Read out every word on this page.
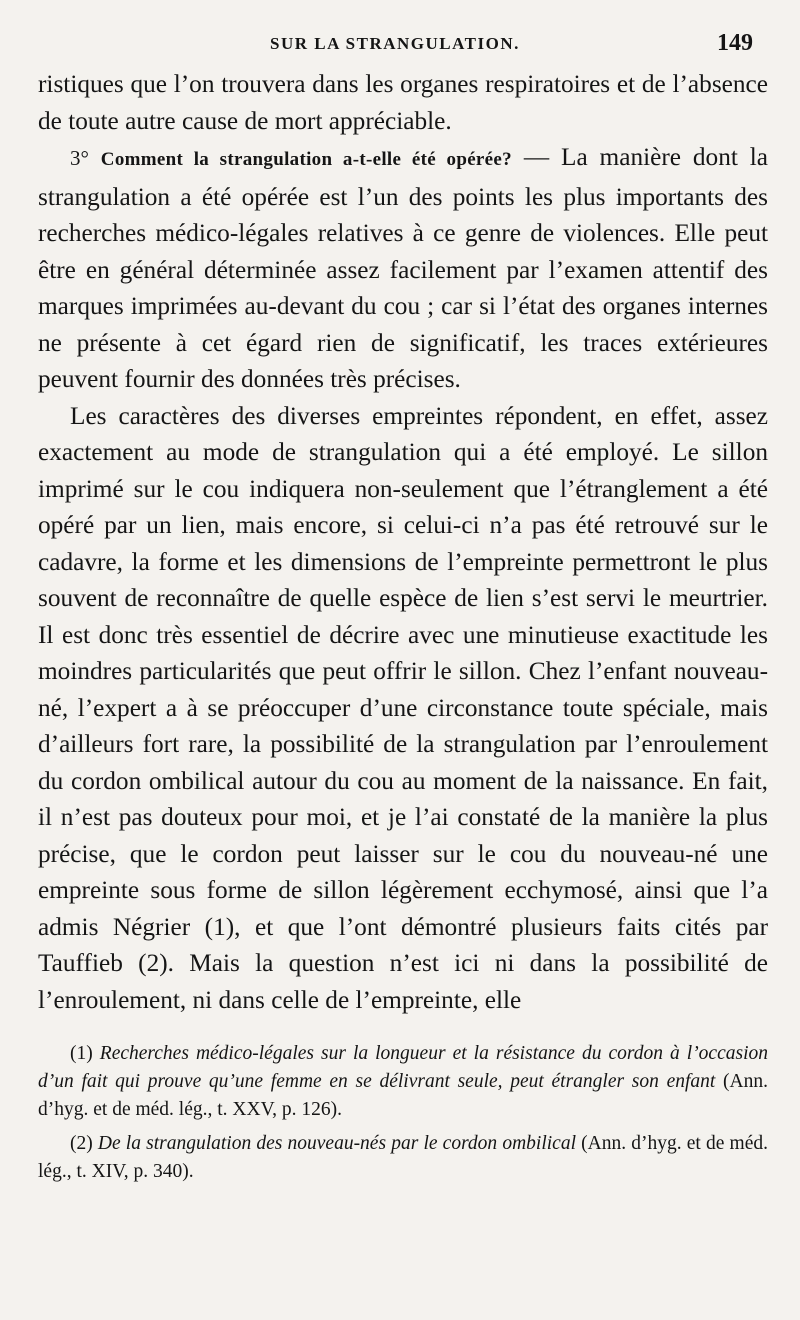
SUR LA STRANGULATION.	149

ristiques que l’on trouvera dans les organes respiratoires et de l’absence de toute autre cause de mort appréciable.

3° Comment la strangulation a-t-elle été opérée? — La manière dont la strangulation a été opérée est l’un des points les plus importants des recherches médico-légales relatives à ce genre de violences. Elle peut être en général déterminée assez facilement par l’examen attentif des marques imprimées au-devant du cou ; car si l’état des organes internes ne présente à cet égard rien de significatif, les traces extérieures peuvent fournir des données très précises.

Les caractères des diverses empreintes répondent, en effet, assez exactement au mode de strangulation qui a été employé. Le sillon imprimé sur le cou indiquera non-seulement que l’étranglement a été opéré par un lien, mais encore, si celui-ci n’a pas été retrouvé sur le cadavre, la forme et les dimensions de l’empreinte permettront le plus souvent de reconnaître de quelle espèce de lien s’est servi le meurtrier. Il est donc très essentiel de décrire avec une minutieuse exactitude les moindres particularités que peut offrir le sillon. Chez l’enfant nouveau-né, l’expert a à se préoccuper d’une circonstance toute spéciale, mais d’ailleurs fort rare, la possibilité de la strangulation par l’enroulement du cordon ombilical autour du cou au moment de la naissance. En fait, il n’est pas douteux pour moi, et je l’ai constaté de la manière la plus précise, que le cordon peut laisser sur le cou du nouveau-né une empreinte sous forme de sillon légèrement ecchymosé, ainsi que l’a admis Négrier (1), et que l’ont démontré plusieurs faits cités par Tauffieb (2). Mais la question n’est ici ni dans la possibilité de l’enroulement, ni dans celle de l’empreinte, elle

(1) Recherches médico-légales sur la longueur et la résistance du cordon à l’occasion d’un fait qui prouve qu’une femme en se délivrant seule, peut étrangler son enfant (Ann. d’hyg. et de méd. lég., t. XXV, p. 126).

(2) De la strangulation des nouveau-nés par le cordon ombilical (Ann. d’hyg. et de méd. lég., t. XIV, p. 340).
